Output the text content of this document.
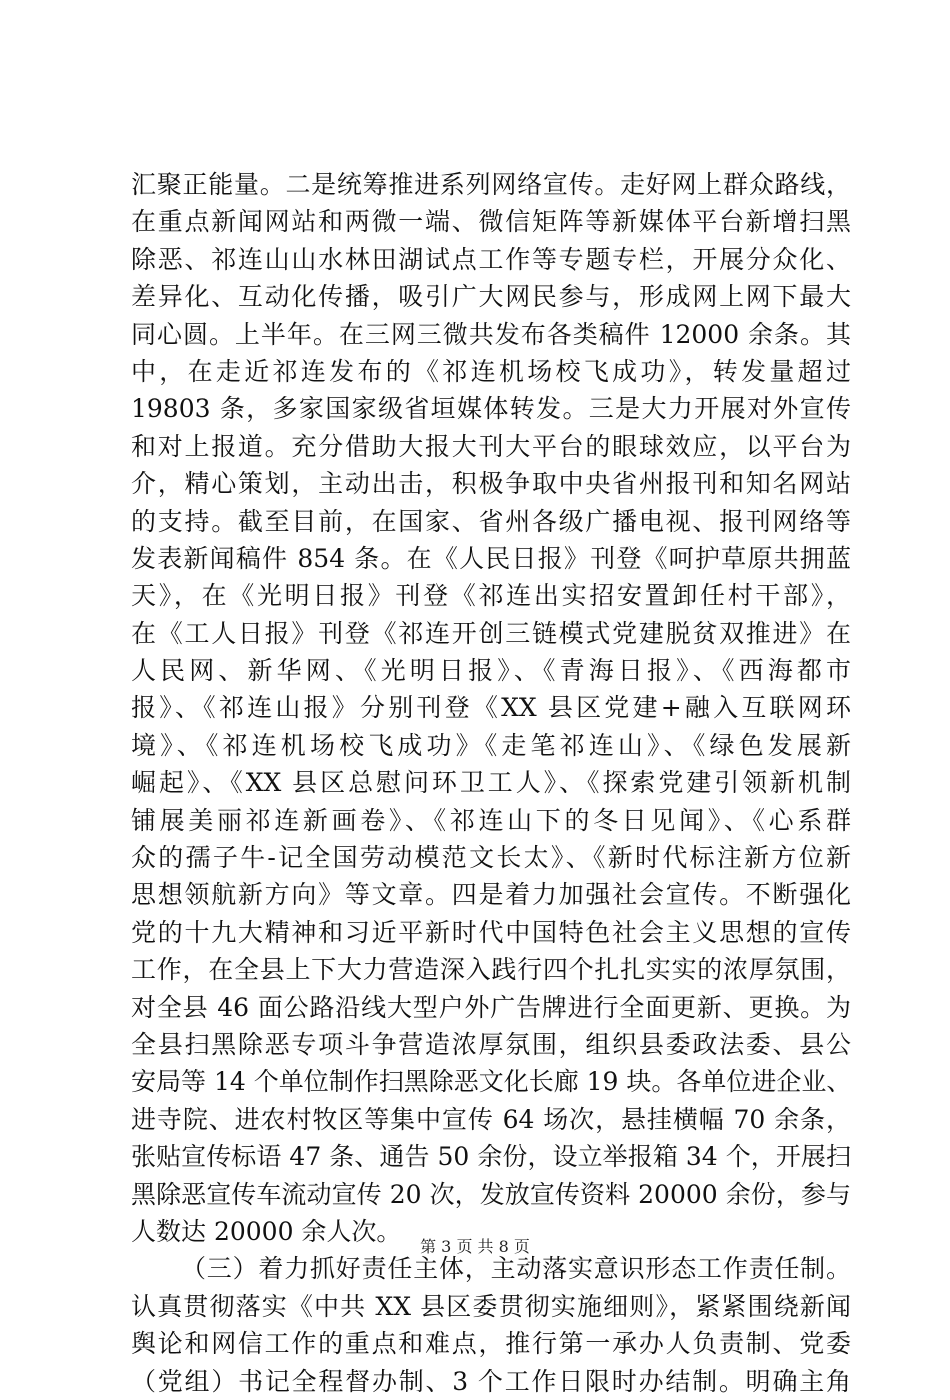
汇聚正能量。二是统筹推进系列网络宣传。走好网上群众路线，
在重点新闻网站和两微一端、微信矩阵等新媒体平台新增扫黑
除恶、祁连山山水林田湖试点工作等专题专栏，开展分众化、
差异化、互动化传播，吸引广大网民参与，形成网上网下最大
同心圆。上半年。在三网三微共发布各类稿件 12000 余条。其
中，在走近祁连发布的《祁连机场校飞成功》，转发量超过
19803 条，多家国家级省垣媒体转发。三是大力开展对外宣传
和对上报道。充分借助大报大刊大平台的眼球效应，以平台为
介，精心策划，主动出击，积极争取中央省州报刊和知名网站
的支持。截至目前，在国家、省州各级广播电视、报刊网络等
发表新闻稿件 854 条。在《人民日报》刊登《呵护草原共拥蓝
天》，在《光明日报》刊登《祁连出实招安置卸任村干部》，
在《工人日报》刊登《祁连开创三链模式党建脱贫双推进》在
人民网、新华网、《光明日报》、《青海日报》、《西海都市
报》、《祁连山报》分别刊登《XX 县区党建+融入互联网环
境》、《祁连机场校飞成功》《走笔祁连山》、《绿色发展新
崛起》、《XX 县区总慰问环卫工人》、《探索党建引领新机制
铺展美丽祁连新画卷》、《祁连山下的冬日见闻》、《心系群
众的孺子牛-记全国劳动模范文长太》、《新时代标注新方位新
思想领航新方向》等文章。四是着力加强社会宣传。不断强化
党的十九大精神和习近平新时代中国特色社会主义思想的宣传
工作，在全县上下大力营造深入践行四个扎扎实实的浓厚氛围，
对全县 46 面公路沿线大型户外广告牌进行全面更新、更换。为
全县扫黑除恶专项斗争营造浓厚氛围，组织县委政法委、县公
安局等 14 个单位制作扫黑除恶文化长廊 19 块。各单位进企业、
进寺院、进农村牧区等集中宣传 64 场次，悬挂横幅 70 余条，
张贴宣传标语 47 条、通告 50 余份，设立举报箱 34 个，开展扫
黑除恶宣传车流动宣传 20 次，发放宣传资料 20000 余份，参与
人数达 20000 余人次。
（三）着力抓好责任主体，主动落实意识形态工作责任制。
认真贯彻落实《中共 XX 县区委贯彻实施细则》，紧紧围绕新闻
舆论和网信工作的重点和难点，推行第一承办人负责制、党委
（党组）书记全程督办制、3 个工作日限时办结制。明确主角
第 3 页 共 8 页
